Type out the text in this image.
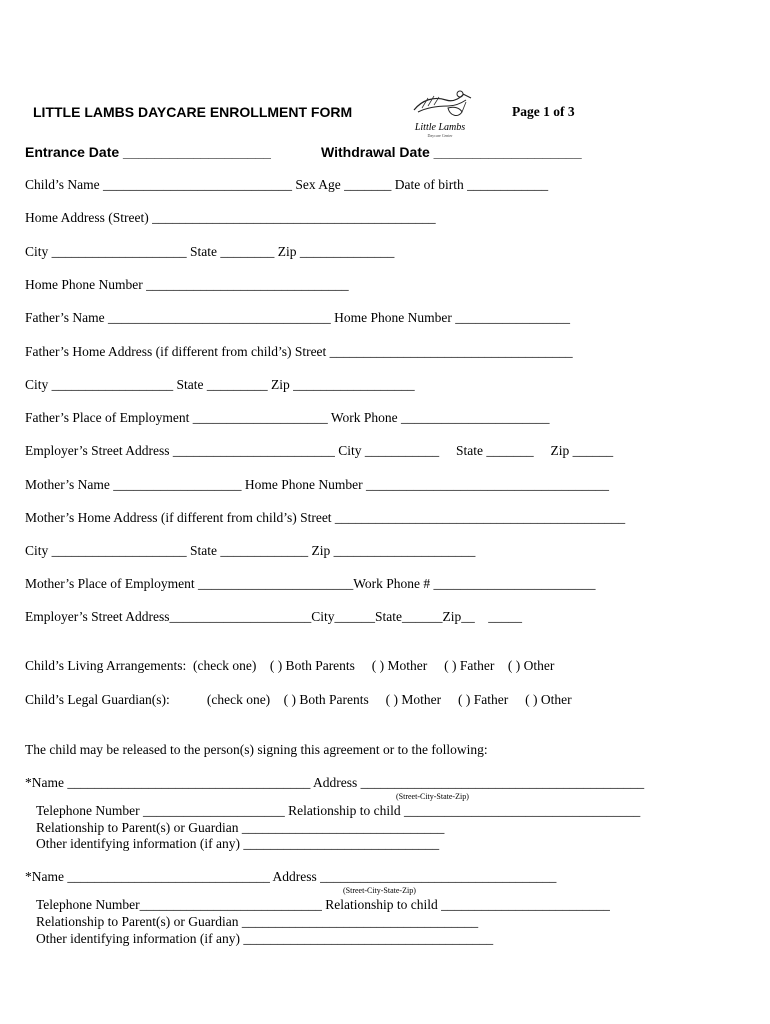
LITTLE LAMBS DAYCARE ENROLLMENT FORM
Little Lambs
Daycare Center
Page 1 of 3
Entrance Date ___________________	Withdrawal Date ___________________
Child’s Name ____________________________ Sex Age _______ Date of birth ____________
Home Address (Street) __________________________________________
City ____________________ State ________ Zip ______________
Home Phone Number ______________________________
Father’s Name _________________________________ Home Phone Number _________________
Father’s Home Address (if different from child’s) Street ____________________________________
City __________________ State _________ Zip __________________
Father’s Place of Employment ____________________ Work Phone ______________________
Employer’s Street Address ________________________ City ___________     State _______     Zip ______
Mother’s Name ___________________ Home Phone Number ____________________________________
Mother’s Home Address (if different from child’s) Street ___________________________________________
City ____________________ State _____________ Zip _____________________
Mother’s Place of Employment _______________________Work Phone # ________________________
Employer’s Street Address_____________________City______State______Zip__    _____
Child’s Living Arrangements:  (check one)    ( ) Both Parents     ( ) Mother     ( ) Father    ( ) Other
Child’s Legal Guardian(s):           (check one)    ( ) Both Parents     ( ) Mother     ( ) Father     ( ) Other
The child may be released to the person(s) signing this agreement or to the following:
*Name ____________________________________ Address __________________________________________
(Street-City-State-Zip)
Telephone Number _____________________ Relationship to child ___________________________________
Relationship to Parent(s) or Guardian ______________________________
Other identifying information (if any) _____________________________
*Name ______________________________ Address ___________________________________
(Street-City-State-Zip)
Telephone Number___________________________ Relationship to child _________________________
Relationship to Parent(s) or Guardian ___________________________________
Other identifying information (if any) _____________________________________
